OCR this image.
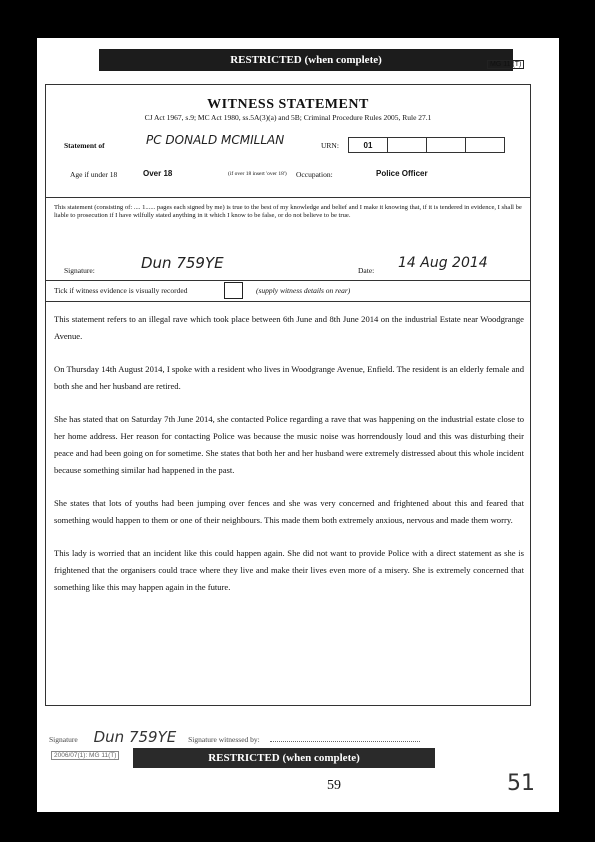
RESTRICTED (when complete)	MG 11 (T)
WITNESS STATEMENT
CJ Act 1967, s.9; MC Act 1980, ss.5A(3)(a) and 5B; Criminal Procedure Rules 2005, Rule 27.1
Statement of	PC DONALD MCMILLAN	URN:	01
Age if under 18	Over 18	(if over 18 insert 'over 18') Occupation:	Police Officer

This statement (consisting of: .... 1...... pages each signed by me) is true to the best of my knowledge and belief and I make it knowing that, if it is tendered in evidence, I shall be liable to prosecution if I have wilfully stated anything in it which I know to be false, or do not believe to be true.

Signature:	Dun 759YE	Date: 14 Aug 2014
Tick if witness evidence is visually recorded	(supply witness details on rear)

This statement refers to an illegal rave which took place between 6th June and 8th June 2014 on the industrial Estate near Woodgrange Avenue.

On Thursday 14th August 2014, I spoke with a resident who lives in Woodgrange Avenue, Enfield. The resident is an elderly female and both she and her husband are retired.

She has stated that on Saturday 7th June 2014, she contacted Police regarding a rave that was happening on the industrial estate close to her home address. Her reason for contacting Police was because the music noise was horrendously loud and this was disturbing their peace and had been going on for sometime. She states that both her and her husband were extremely distressed about this whole incident because something similar had happened in the past.

She states that lots of youths had been jumping over fences and she was very concerned and frightened about this and feared that something would happen to them or one of their neighbours. This made them both extremely anxious, nervous and made them worry.

This lady is worried that an incident like this could happen again. She did not want to provide Police with a direct statement as she is frightened that the organisers could trace where they live and make their lives even more of a misery. She is extremely concerned that something like this may happen again in the future.

Signature Dun 759YE Signature witnessed by:
2006/07(1): MG 11(T)	RESTRICTED (when complete)
59	51
